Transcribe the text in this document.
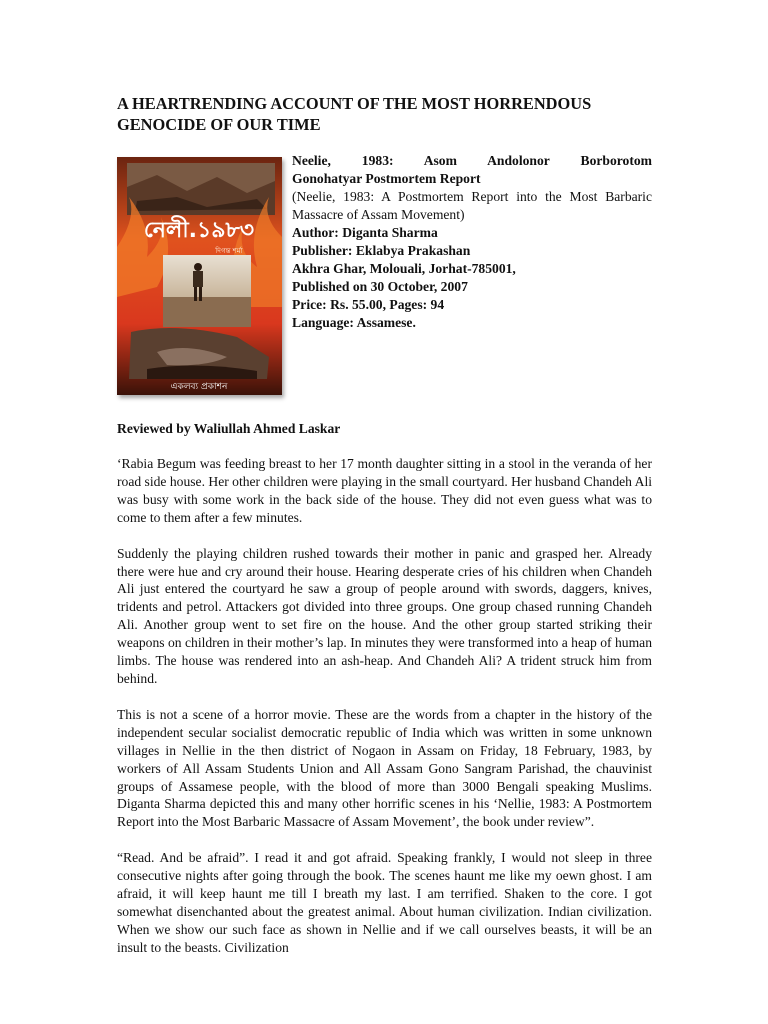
A HEARTRENDING ACCOUNT OF THE MOST HORRENDOUS GENOCIDE OF OUR TIME
নেলী.১৯৮৩
দিগন্ত শৰ্মা
একলব্য প্ৰকাশন
Neelie, 1983: Asom Andolonor Borborotom
Gonohatyar Postmortem Report
(Neelie, 1983: A Postmortem Report into the Most Barbaric Massacre of Assam Movement)
Author: Diganta Sharma
Publisher: Eklabya Prakashan
Akhra Ghar, Molouali, Jorhat-785001,
Published on 30 October, 2007
Price: Rs. 55.00, Pages: 94
Language: Assamese.
Reviewed by Waliullah Ahmed Laskar

‘Rabia Begum was feeding breast to her 17 month daughter sitting in a stool in the veranda of her road side house. Her other children were playing in the small courtyard. Her husband Chandeh Ali was busy with some work in the back side of the house. They did not even guess what was to come to them after a few minutes.

Suddenly the playing children rushed towards their mother in panic and grasped her. Already there were hue and cry around their house. Hearing desperate cries of his children when Chandeh Ali just entered the courtyard he saw a group of people around with swords, daggers, knives, tridents and petrol. Attackers got divided into three groups. One group chased running Chandeh Ali. Another group went to set fire on the house. And the other group started striking their weapons on children in their mother’s lap. In minutes they were transformed into a heap of human limbs. The house was rendered into an ash-heap. And Chandeh Ali? A trident struck him from behind.

This is not a scene of a horror movie. These are the words from a chapter in the history of the independent secular socialist democratic republic of India which was written in some unknown villages in Nellie in the then district of Nogaon in Assam on Friday, 18 February, 1983, by workers of All Assam Students Union and All Assam Gono Sangram Parishad, the chauvinist groups of Assamese people, with the blood of more than 3000 Bengali speaking Muslims. Diganta Sharma depicted this and many other horrific scenes in his ‘Nellie, 1983: A Postmortem Report into the Most Barbaric Massacre of Assam Movement’, the book under review”.

“Read. And be afraid”. I read it and got afraid. Speaking frankly, I would not sleep in three consecutive nights after going through the book. The scenes haunt me like my oewn ghost. I am afraid, it will keep haunt me till I breath my last. I am terrified. Shaken to the core. I got somewhat disenchanted about the greatest animal. About human civilization. Indian civilization. When we show our such face as shown in Nellie and if we call ourselves beasts, it will be an insult to the beasts. Civilization
